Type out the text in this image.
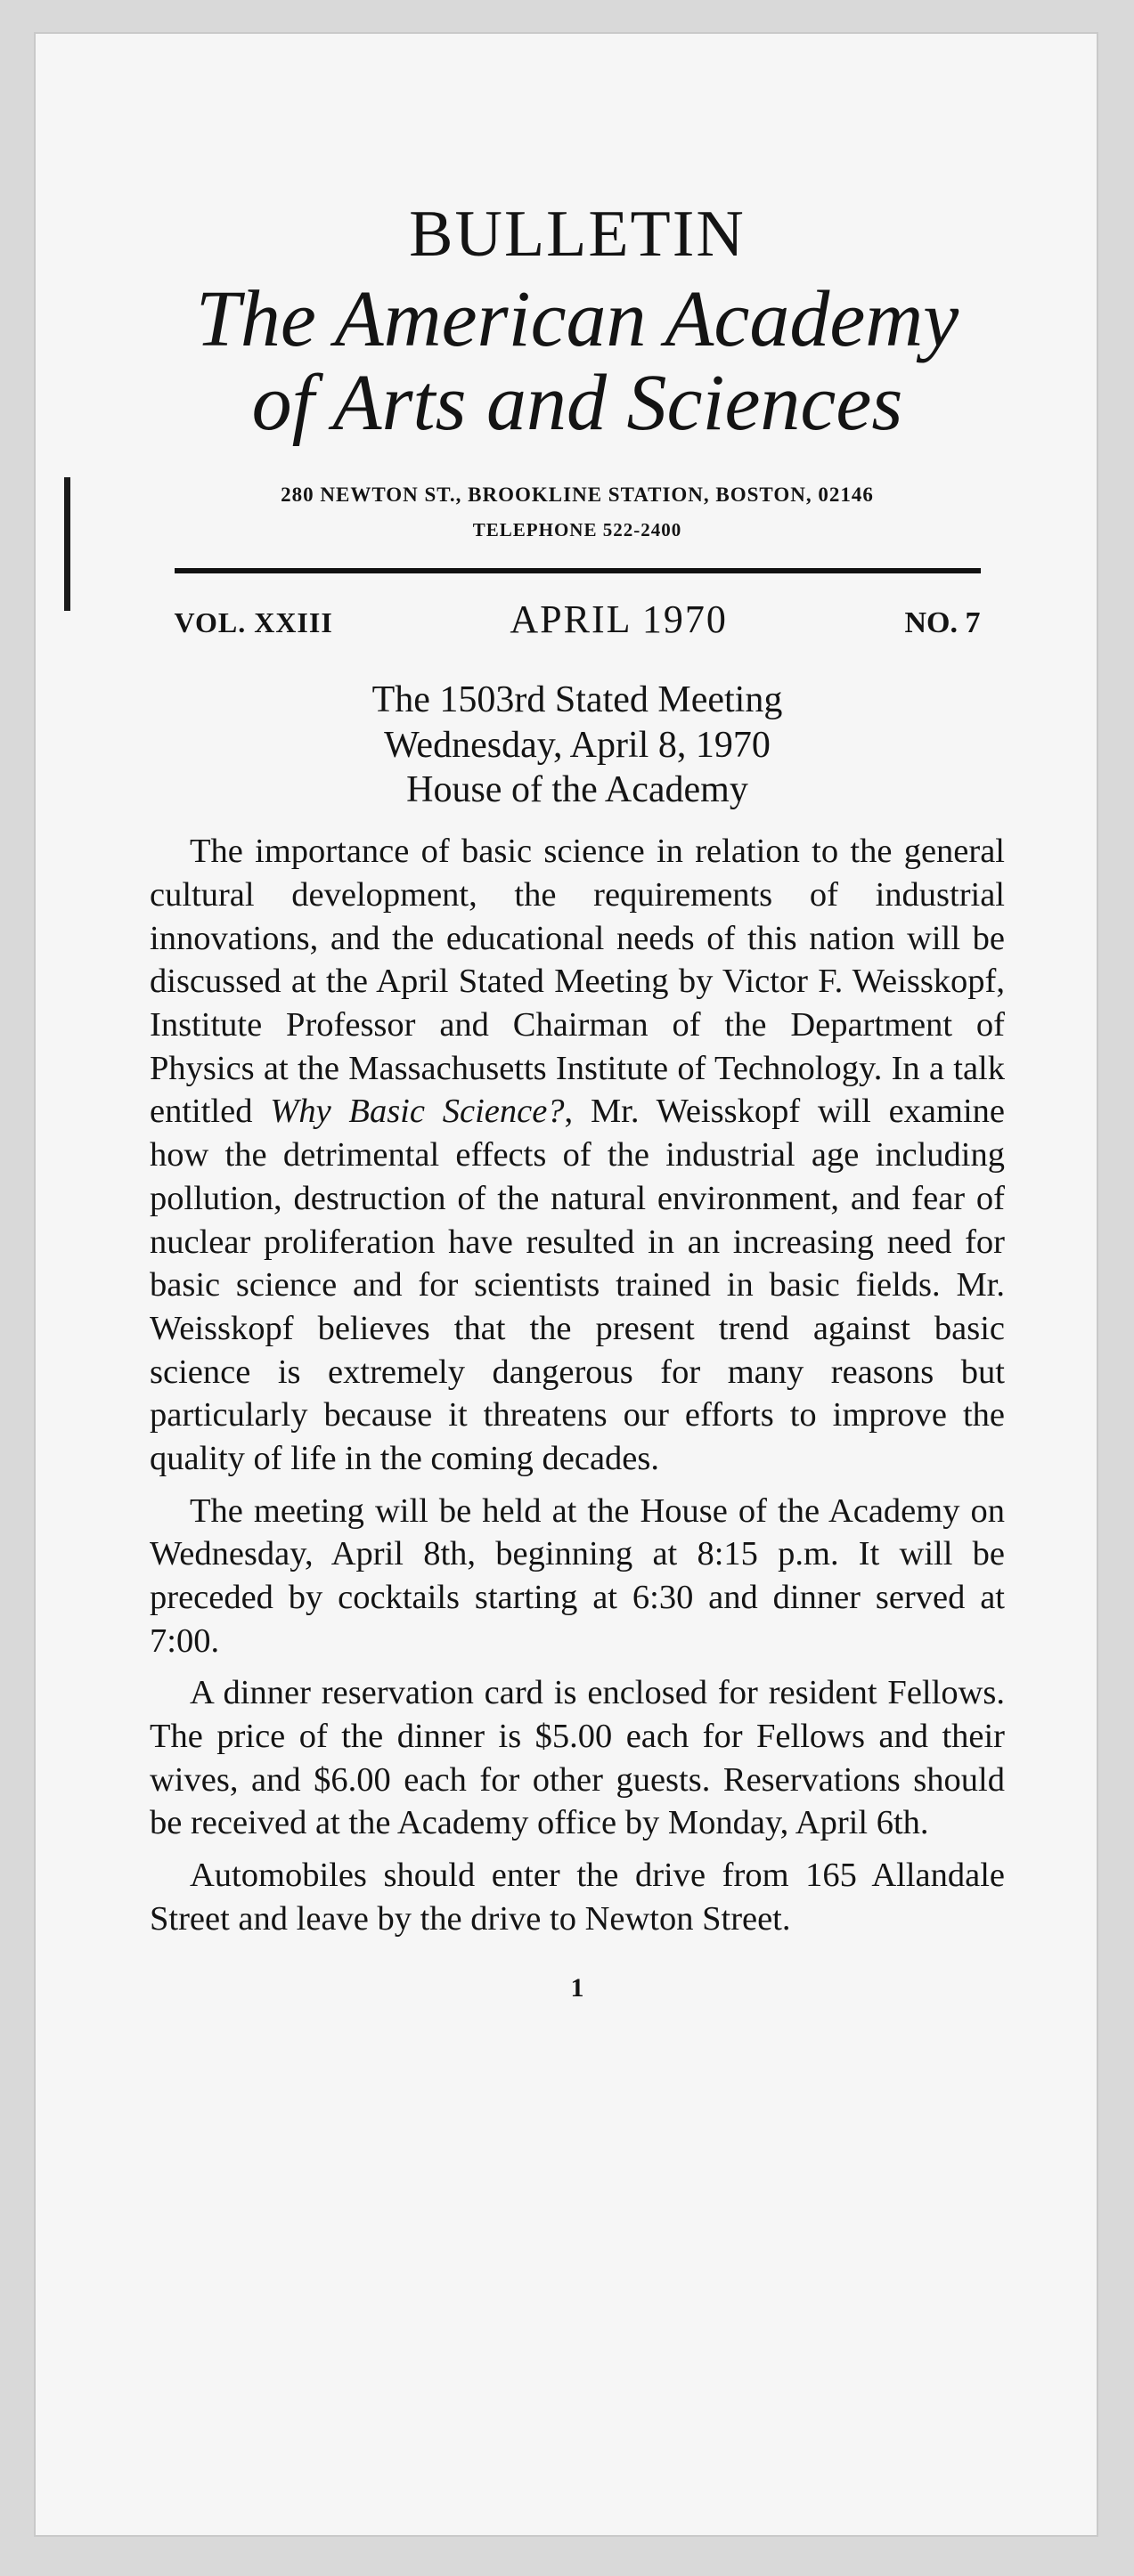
BULLETIN
The American Academy
of Arts and Sciences
280 NEWTON ST., BROOKLINE STATION, BOSTON, 02146
TELEPHONE 522-2400
VOL. XXIII	APRIL 1970	NO. 7
The 1503rd Stated Meeting
Wednesday, April 8, 1970
House of the Academy

The importance of basic science in relation to the general cultural development, the requirements of industrial innovations, and the educational needs of this nation will be discussed at the April Stated Meeting by Victor F. Weisskopf, Institute Professor and Chairman of the Department of Physics at the Massachusetts Institute of Technology. In a talk entitled Why Basic Science?, Mr. Weisskopf will examine how the detrimental effects of the industrial age including pollution, destruction of the natural environment, and fear of nuclear proliferation have resulted in an increasing need for basic science and for scientists trained in basic fields. Mr. Weisskopf believes that the present trend against basic science is extremely dangerous for many reasons but particularly because it threatens our efforts to improve the quality of life in the coming decades.

The meeting will be held at the House of the Academy on Wednesday, April 8th, beginning at 8:15 p.m. It will be preceded by cocktails starting at 6:30 and dinner served at 7:00.

A dinner reservation card is enclosed for resident Fellows. The price of the dinner is $5.00 each for Fellows and their wives, and $6.00 each for other guests. Reservations should be received at the Academy office by Monday, April 6th.

Automobiles should enter the drive from 165 Allandale Street and leave by the drive to Newton Street.

1
